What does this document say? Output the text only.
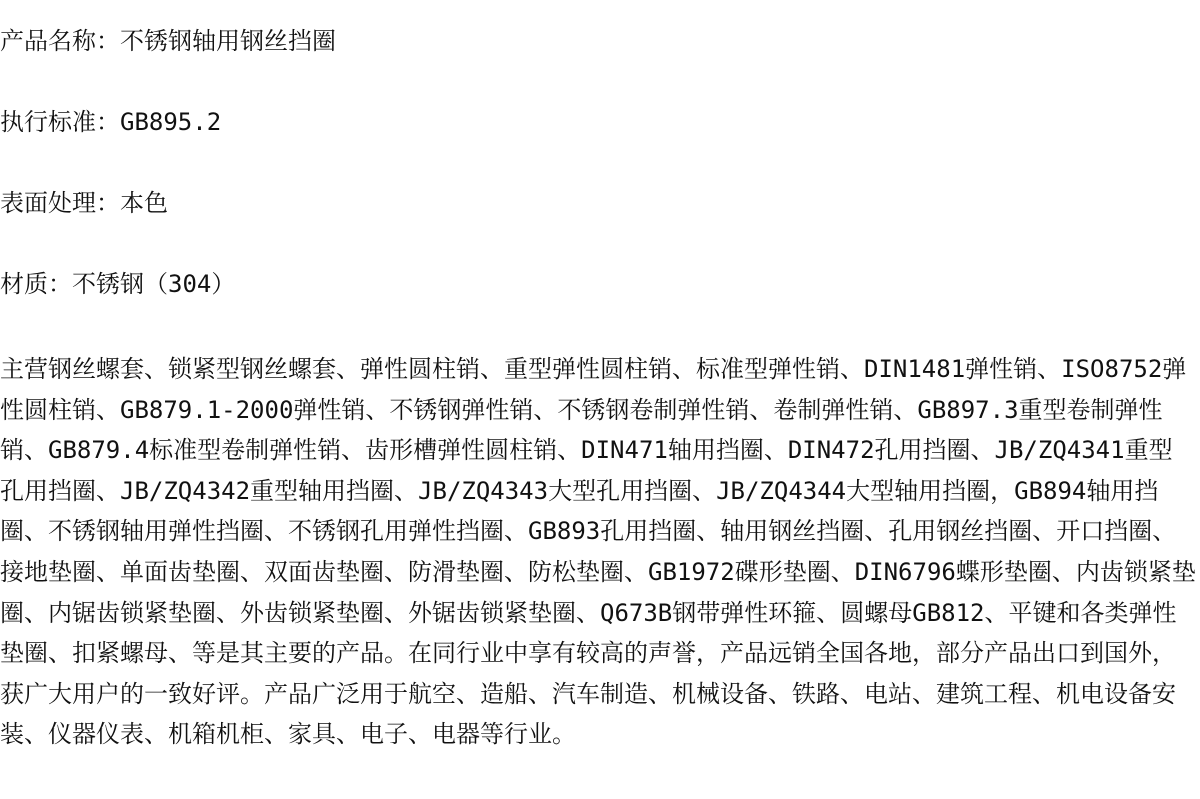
产品名称：不锈钢轴用钢丝挡圈

执行标准：GB895.2

表面处理：本色

材质：不锈钢（304）

主营钢丝螺套、锁紧型钢丝螺套、弹性圆柱销、重型弹性圆柱销、标准型弹性销、DIN1481弹性销、ISO8752弹性圆柱销、GB879.1-2000弹性销、不锈钢弹性销、不锈钢卷制弹性销、卷制弹性销、GB897.3重型卷制弹性销、GB879.4标准型卷制弹性销、齿形槽弹性圆柱销、DIN471轴用挡圈、DIN472孔用挡圈、JB/ZQ4341重型孔用挡圈、JB/ZQ4342重型轴用挡圈、JB/ZQ4343大型孔用挡圈、JB/ZQ4344大型轴用挡圈，GB894轴用挡圈、不锈钢轴用弹性挡圈、不锈钢孔用弹性挡圈、GB893孔用挡圈、轴用钢丝挡圈、孔用钢丝挡圈、开口挡圈、接地垫圈、单面齿垫圈、双面齿垫圈、防滑垫圈、防松垫圈、GB1972碟形垫圈、DIN6796蝶形垫圈、内齿锁紧垫圈、内锯齿锁紧垫圈、外齿锁紧垫圈、外锯齿锁紧垫圈、Q673B钢带弹性环箍、圆螺母GB812、平键和各类弹性垫圈、扣紧螺母、等是其主要的产品。在同行业中享有较高的声誉，产品远销全国各地，部分产品出口到国外，获广大用户的一致好评。产品广泛用于航空、造船、汽车制造、机械设备、铁路、电站、建筑工程、机电设备安装、仪器仪表、机箱机柜、家具、电子、电器等行业。
